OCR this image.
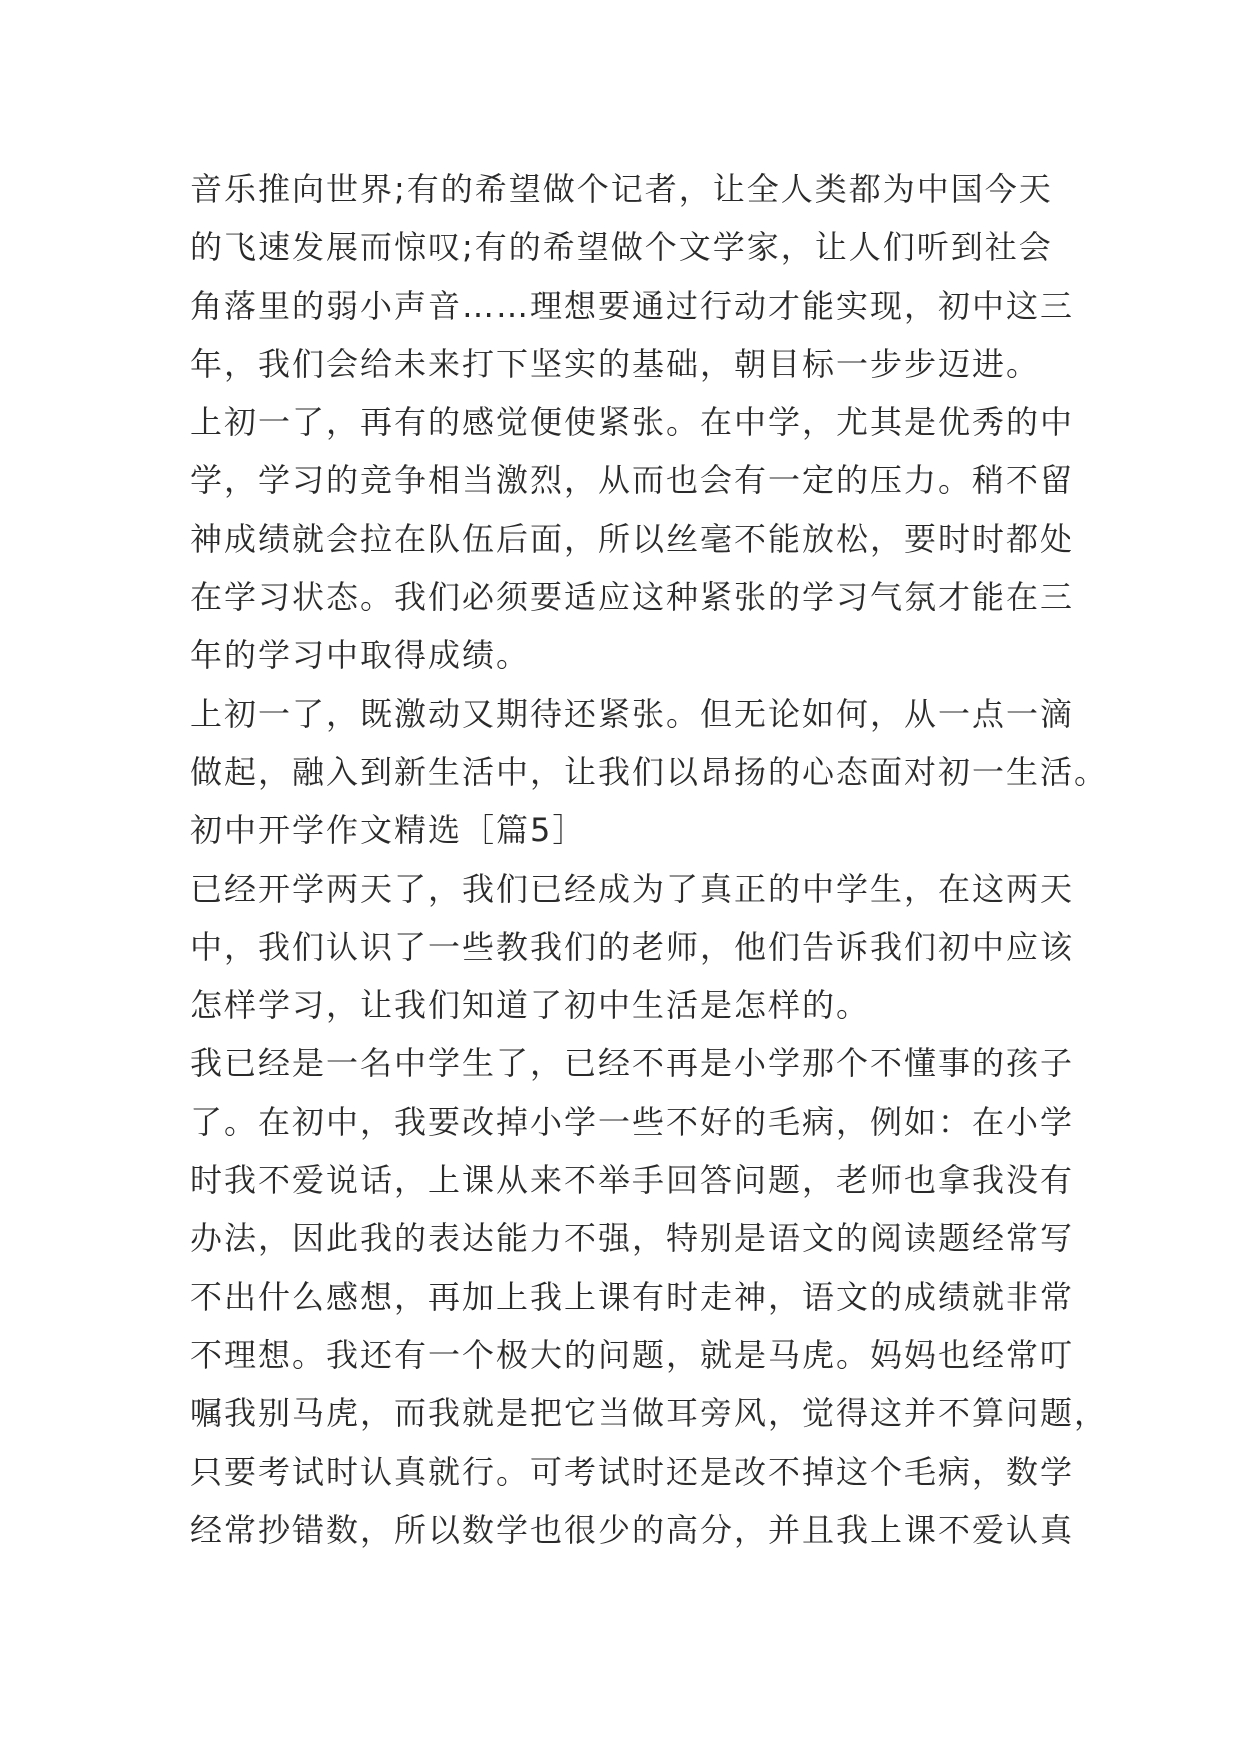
音乐推向世界;有的希望做个记者，让全人类都为中国今天
的飞速发展而惊叹;有的希望做个文学家，让人们听到社会
角落里的弱小声音……理想要通过行动才能实现，初中这三
年，我们会给未来打下坚实的基础，朝目标一步步迈进。
上初一了，再有的感觉便使紧张。在中学，尤其是优秀的中
学，学习的竞争相当激烈，从而也会有一定的压力。稍不留
神成绩就会拉在队伍后面，所以丝毫不能放松，要时时都处
在学习状态。我们必须要适应这种紧张的学习气氛才能在三
年的学习中取得成绩。
上初一了，既激动又期待还紧张。但无论如何，从一点一滴
做起，融入到新生活中，让我们以昂扬的心态面对初一生活。
初中开学作文精选［篇5］
已经开学两天了，我们已经成为了真正的中学生，在这两天
中，我们认识了一些教我们的老师，他们告诉我们初中应该
怎样学习，让我们知道了初中生活是怎样的。
我已经是一名中学生了，已经不再是小学那个不懂事的孩子
了。在初中，我要改掉小学一些不好的毛病，例如：在小学
时我不爱说话，上课从来不举手回答问题，老师也拿我没有
办法，因此我的表达能力不强，特别是语文的阅读题经常写
不出什么感想，再加上我上课有时走神，语文的成绩就非常
不理想。我还有一个极大的问题，就是马虎。妈妈也经常叮
嘱我别马虎，而我就是把它当做耳旁风，觉得这并不算问题，
只要考试时认真就行。可考试时还是改不掉这个毛病，数学
经常抄错数，所以数学也很少的高分，并且我上课不爱认真
